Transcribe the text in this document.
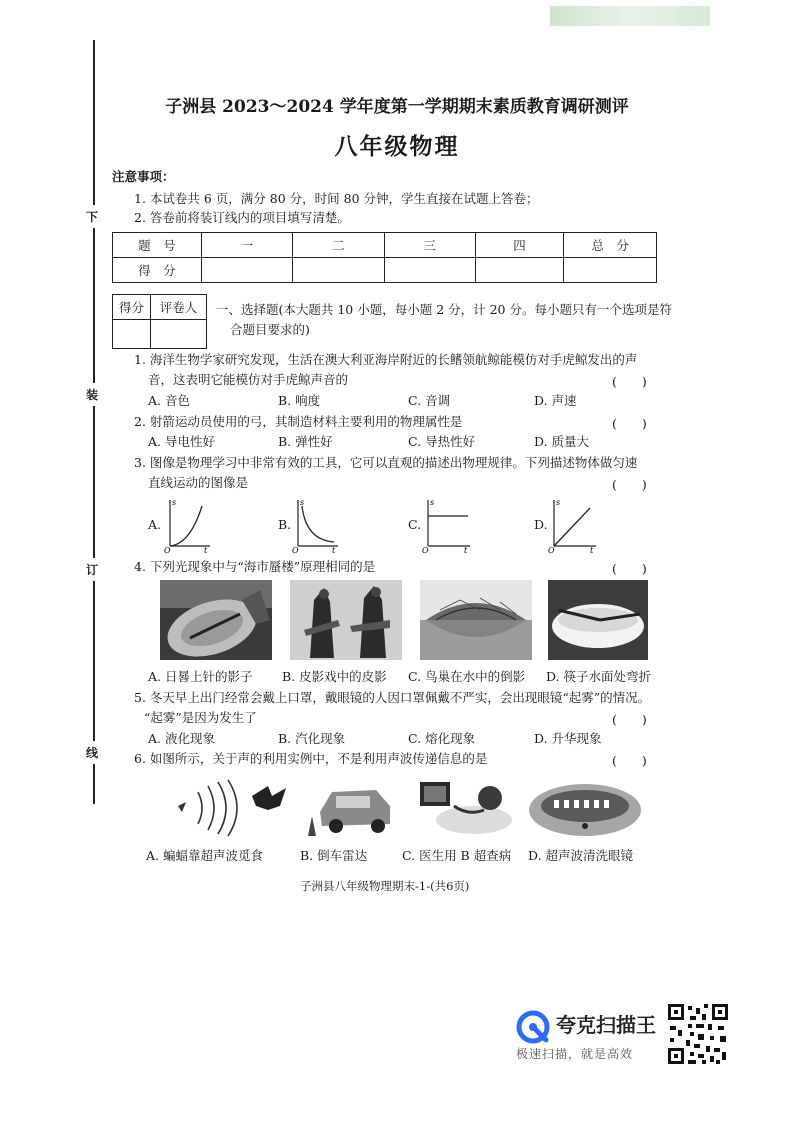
下
装
订
线
子洲县 2023～2024 学年度第一学期期末素质教育调研测评
八年级物理
注意事项：
1. 本试卷共 6 页，满分 80 分，时间 80 分钟，学生直接在试题上答卷；
2. 答卷前将装订线内的项目填写清楚。
题　号	一	二	三	四	总　分
得　分					
得分	评卷人
	一、选择题(本大题共 10 小题，每小题 2 分，计 20 分。每小题只有一个选项是符
合题目要求的)
1. 海洋生物学家研究发现，生活在澳大利亚海岸附近的长鳍领航鲸能模仿对手虎鲸发出的声
音，这表明它能模仿对手虎鲸声音的	(　　)
A. 音色	B. 响度	C. 音调	D. 声速
2. 射箭运动员使用的弓，其制造材料主要利用的物理属性是	(　　)
A. 导电性好	B. 弹性好	C. 导热性好	D. 质量大
3. 图像是物理学习中非常有效的工具，它可以直观的描述出物理规律。下列描述物体做匀速
直线运动的图像是	(　　)
A.
s
O	t
B.
s
O	t
C.
s
O	t
D.
s
O	t
4. 下列光现象中与“海市蜃楼”原理相同的是	(　　)
A. 日晷上针的影子 B. 皮影戏中的皮影 C. 鸟巢在水中的倒影 D. 筷子水面处弯折
5. 冬天早上出门经常会戴上口罩，戴眼镜的人因口罩佩戴不严实，会出现眼镜“起雾”的情况。
“起雾”是因为发生了	(　　)
A. 液化现象	B. 汽化现象	C. 熔化现象	D. 升华现象
6. 如图所示，关于声的利用实例中，不是利用声波传递信息的是	(　　)
A. 蝙蝠靠超声波觅食	B. 倒车雷达	C. 医生用 B 超查病 D. 超声波清洗眼镜
子洲县八年级物理期末-1-(共6页)
夸克扫描王
极速扫描，就是高效
